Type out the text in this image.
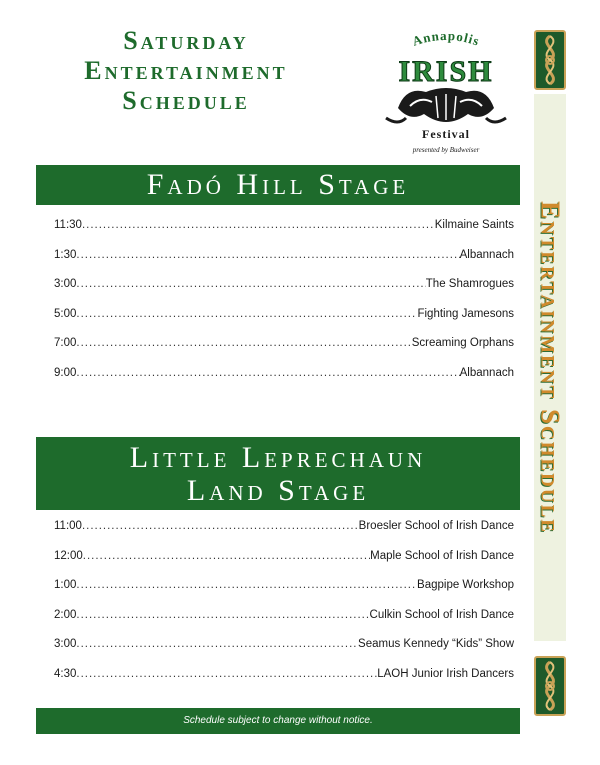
Saturday
Entertainment
Schedule
Annapolis
IRISH
Festival
presented by Budweiser
Fadó Hill Stage
11:30 .....	Kilmaine Saints
1:30 .....	Albannach
3:00 .....	The Shamrogues
5:00 .....	Fighting Jamesons
7:00 .....	Screaming Orphans
9:00 .....	Albannach
Little Leprechaun
Land Stage
11:00 .....	Broesler School of Irish Dance
12:00 .....	Maple School of Irish Dance
1:00 .....	Bagpipe Workshop
2:00 .....	Culkin School of Irish Dance
3:00 .....	Seamus Kennedy “Kids” Show
4:30 .....	LAOH Junior Irish Dancers
Schedule subject to change without notice.
Entertainment Schedule
